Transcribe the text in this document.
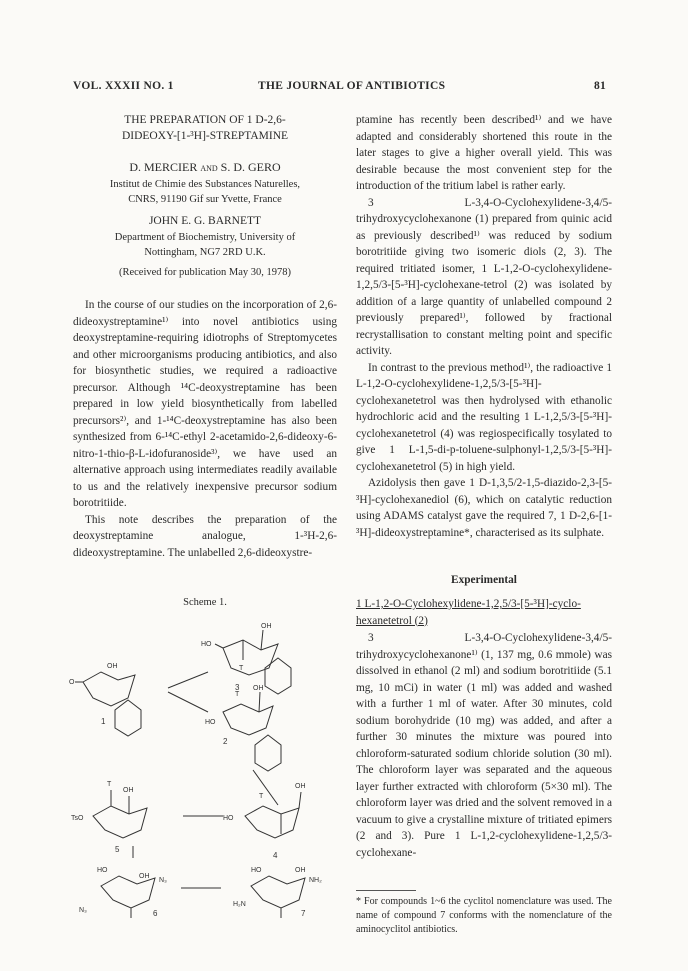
VOL. XXXII NO. 1	THE JOURNAL OF ANTIBIOTICS	81
THE PREPARATION OF 1 D-2,6-
DIDEOXY-[1-³H]-STREPTAMINE
D. MERCIER and S. D. GERO
Institut de Chimie des Substances Naturelles,
CNRS, 91190 Gif sur Yvette, France
JOHN E. G. BARNETT
Department of Biochemistry, University of
Nottingham, NG7 2RD U.K.
(Received for publication May 30, 1978)

In the course of our studies on the incorporation of 2,6-dideoxystreptamine¹⁾ into novel antibiotics using deoxystreptamine-requiring idiotrophs of Streptomycetes and other microorganisms producing antibiotics, and also for biosynthetic studies, we required a radioactive precursor. Although ¹⁴C-deoxystreptamine has been prepared in low yield biosynthetically from labelled precursors²⁾, and 1-¹⁴C-deoxystreptamine has also been synthesized from 6-¹⁴C-ethyl 2-acetamido-2,6-dideoxy-6-nitro-1-thio-β-L-idofuranoside³⁾, we have used an alternative approach using intermediates readily available to us and the relatively inexpensive precursor sodium borotritiide.

This note describes the preparation of the deoxystreptamine analogue, 1-³H-2,6-dideoxystreptamine. The unlabelled 2,6-dideoxystre-

Scheme 1.
OH
HO
T
3
O
OH
1	HO
OH
T
2
HO
OH
T
4
TsO
OH
T
5
HO
OH
N₃
N₃	6
HO	OH
NH₂
H₂N
7

ptamine has recently been described¹⁾ and we have adapted and considerably shortened this route in the later stages to give a higher overall yield. This was desirable because the most convenient step for the introduction of the tritium label is rather early.

3 L-3,4-O-Cyclohexylidene-3,4/5-trihydroxycyclohexanone (1) prepared from quinic acid as previously described¹⁾ was reduced by sodium borotritiide giving two isomeric diols (2, 3). The required tritiated isomer, 1 L-1,2-O-cyclohexylidene-1,2,5/3-[5-³H]-cyclohexane-tetrol (2) was isolated by addition of a large quantity of unlabelled compound 2 previously prepared¹⁾, followed by fractional recrystallisation to constant melting point and specific activity.

In contrast to the previous method¹⁾, the radioactive 1 L-1,2-O-cyclohexylidene-1,2,5/3-[5-³H]-cyclohexanetetrol was then hydrolysed with ethanolic hydrochloric acid and the resulting 1 L-1,2,5/3-[5-³H]-cyclohexanetetrol (4) was regiospecifically tosylated to give 1 L-1,5-di-p-toluene-sulphonyl-1,2,5/3-[5-³H]-cyclohexanetetrol (5) in high yield.

Azidolysis then gave 1 D-1,3,5/2-1,5-diazido-2,3-[5-³H]-cyclohexanediol (6), which on catalytic reduction using ADAMS catalyst gave the required 7, 1 D-2,6-[1-³H]-dideoxystreptamine*, characterised as its sulphate.

Experimental
1 L-1,2-O-Cyclohexylidene-1,2,5/3-[5-³H]-cyclo-
hexanetetrol (2)

3 L-3,4-O-Cyclohexylidene-3,4/5-trihydroxycyclohexanone¹⁾ (1, 137 mg, 0.6 mmole) was dissolved in ethanol (2 ml) and sodium borotritiide (5.1 mg, 10 mCi) in water (1 ml) was added and washed with a further 1 ml of water. After 30 minutes, cold sodium borohydride (10 mg) was added, and after a further 30 minutes the mixture was poured into chloroform-saturated sodium chloride solution (30 ml). The chloroform layer was separated and the aqueous layer further extracted with chloroform (5×30 ml). The chloroform layer was dried and the solvent removed in a vacuum to give a crystalline mixture of tritiated epimers (2 and 3). Pure 1 L-1,2-cyclohexylidene-1,2,5/3-cyclohexane-

* For compounds 1~6 the cyclitol nomenclature was used. The name of compound 7 conforms with the nomenclature of the aminocyclitol antibiotics.
